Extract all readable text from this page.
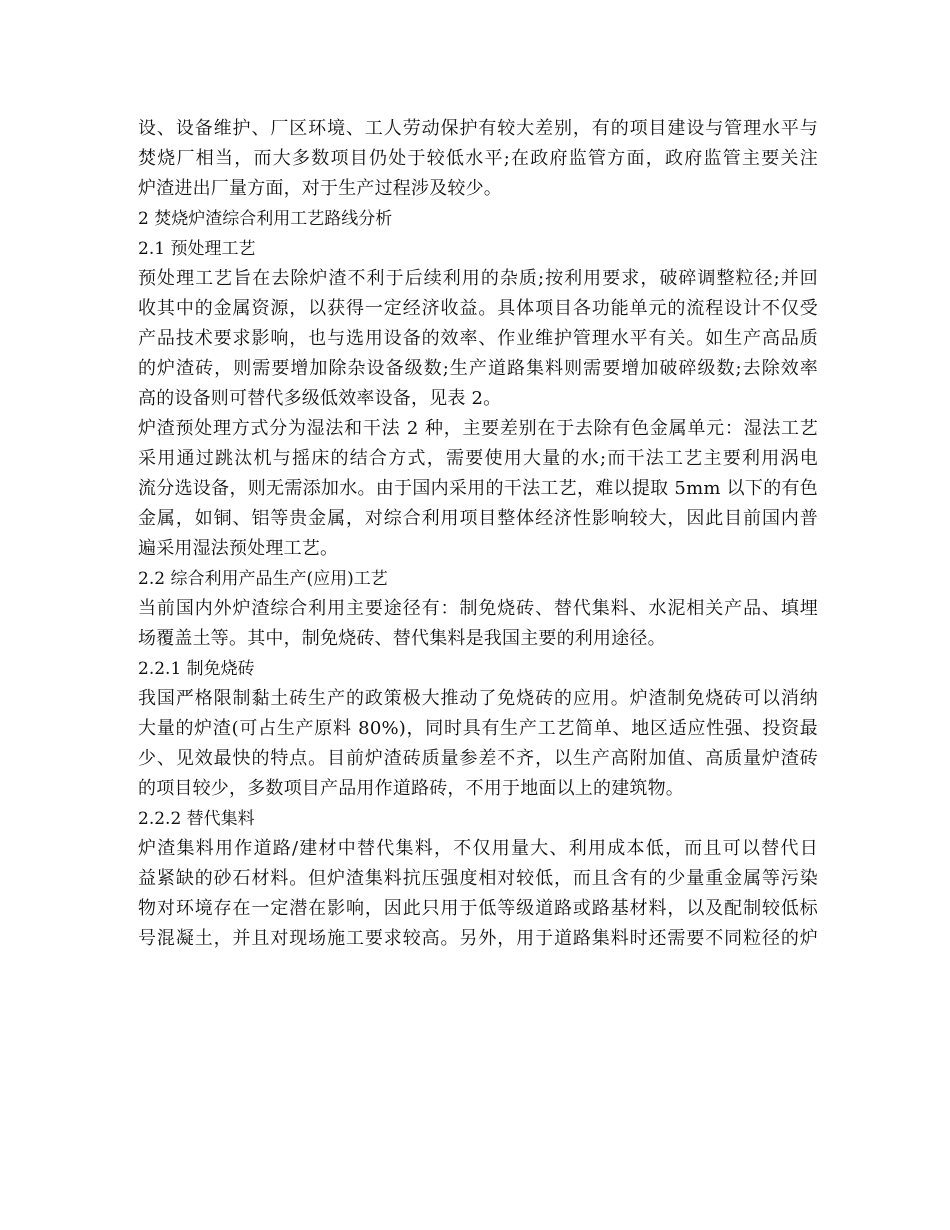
设、设备维护、厂区环境、工人劳动保护有较大差别，有的项目建设与管理水平与

焚烧厂相当，而大多数项目仍处于较低水平;在政府监管方面，政府监管主要关注

炉渣进出厂量方面，对于生产过程涉及较少。

2 焚烧炉渣综合利用工艺路线分析

2.1 预处理工艺

预处理工艺旨在去除炉渣不利于后续利用的杂质;按利用要求，破碎调整粒径;并回

收其中的金属资源，以获得一定经济收益。具体项目各功能单元的流程设计不仅受

产品技术要求影响，也与选用设备的效率、作业维护管理水平有关。如生产高品质

的炉渣砖，则需要增加除杂设备级数;生产道路集料则需要增加破碎级数;去除效率

高的设备则可替代多级低效率设备，见表 2。

炉渣预处理方式分为湿法和干法 2 种，主要差别在于去除有色金属单元：湿法工艺

采用通过跳汰机与摇床的结合方式，需要使用大量的水;而干法工艺主要利用涡电

流分选设备，则无需添加水。由于国内采用的干法工艺，难以提取 5mm 以下的有色

金属，如铜、铝等贵金属，对综合利用项目整体经济性影响较大，因此目前国内普

遍采用湿法预处理工艺。

2.2 综合利用产品生产(应用)工艺

当前国内外炉渣综合利用主要途径有：制免烧砖、替代集料、水泥相关产品、填埋

场覆盖土等。其中，制免烧砖、替代集料是我国主要的利用途径。

2.2.1 制免烧砖

我国严格限制黏土砖生产的政策极大推动了免烧砖的应用。炉渣制免烧砖可以消纳

大量的炉渣(可占生产原料 80%)，同时具有生产工艺简单、地区适应性强、投资最

少、见效最快的特点。目前炉渣砖质量参差不齐，以生产高附加值、高质量炉渣砖

的项目较少，多数项目产品用作道路砖，不用于地面以上的建筑物。

2.2.2 替代集料

炉渣集料用作道路/建材中替代集料，不仅用量大、利用成本低，而且可以替代日

益紧缺的砂石材料。但炉渣集料抗压强度相对较低，而且含有的少量重金属等污染

物对环境存在一定潜在影响，因此只用于低等级道路或路基材料，以及配制较低标

号混凝土，并且对现场施工要求较高。另外，用于道路集料时还需要不同粒径的炉
